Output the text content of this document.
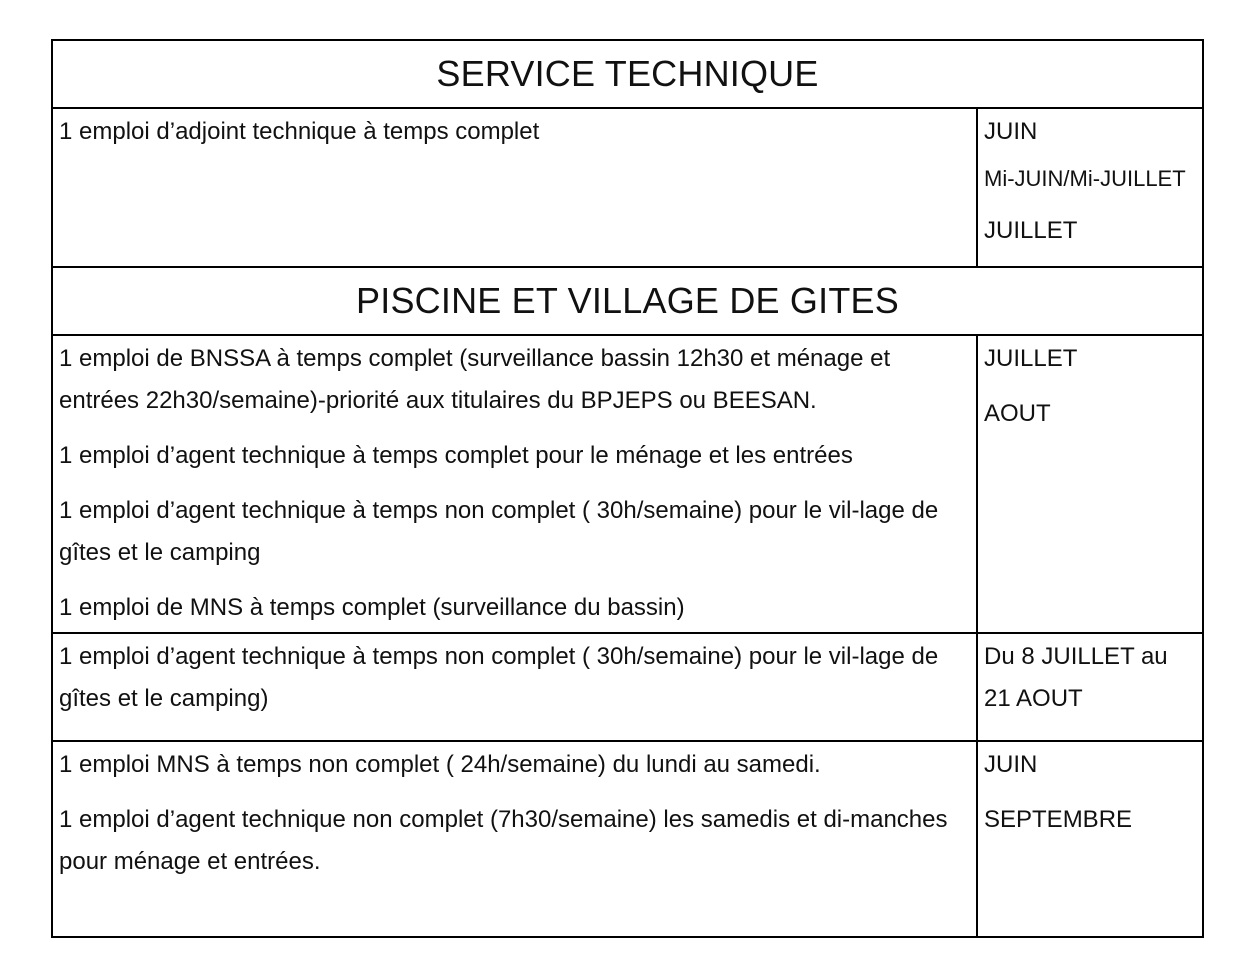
SERVICE TECHNIQUE

1 emploi d’adjoint technique à temps complet	JUIN
Mi-JUIN/Mi-JUILLET
JUILLET
PISCINE ET VILLAGE DE GITES

1 emploi de BNSSA à temps complet (surveillance bassin 12h30 et ménage et entrées 22h30/semaine)-priorité aux titulaires du BPJEPS ou BEESAN.

1 emploi d’agent technique à temps complet pour le ménage et les entrées

1 emploi d’agent technique à temps non complet ( 30h/semaine) pour le vil-lage de gîtes et le camping

1 emploi de MNS à temps complet (surveillance du bassin)

JUILLET

AOUT

1 emploi d’agent technique à temps non complet ( 30h/semaine) pour le vil-lage de gîtes et le camping)

Du 8 JUILLET au 21 AOUT

1 emploi MNS à temps non complet ( 24h/semaine) du lundi au samedi.

1 emploi d’agent technique non complet (7h30/semaine) les samedis et di-manches pour ménage et entrées.

JUIN

SEPTEMBRE
